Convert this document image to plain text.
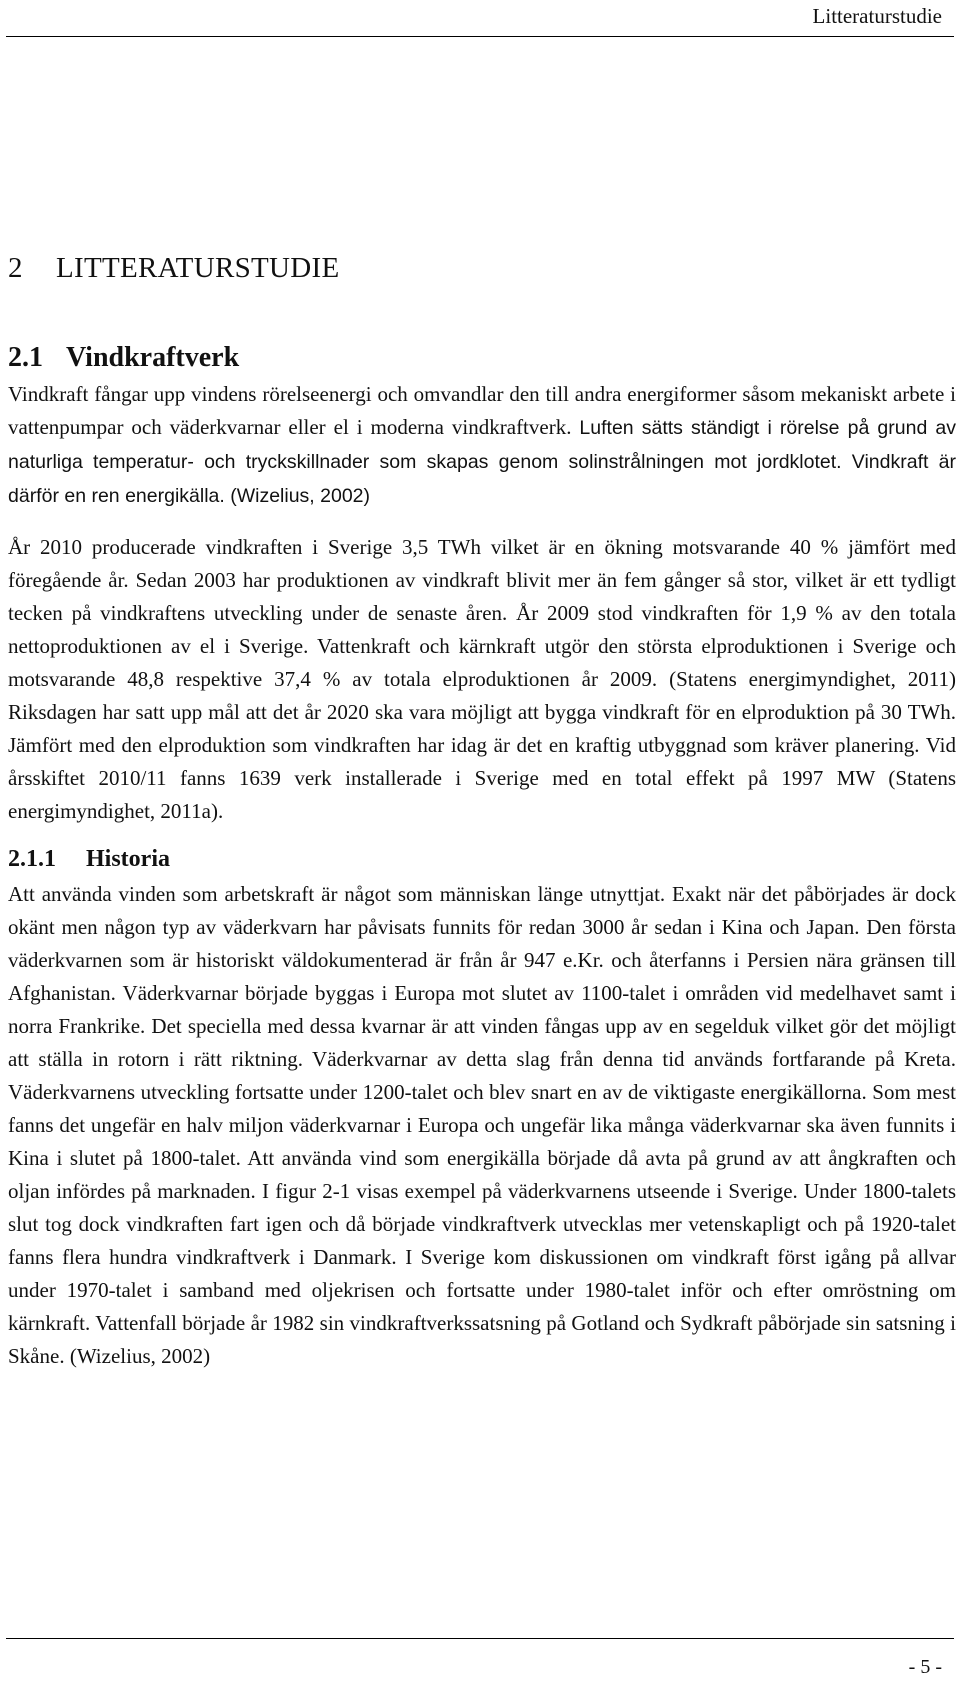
Litteraturstudie
2	LITTERATURSTUDIE
2.1 Vindkraftverk

Vindkraft fångar upp vindens rörelseenergi och omvandlar den till andra energiformer såsom mekaniskt arbete i vattenpumpar och väderkvarnar eller el i moderna vindkraftverk. Luften sätts ständigt i rörelse på grund av naturliga temperatur- och tryckskillnader som skapas genom solinstrålningen mot jordklotet. Vindkraft är därför en ren energikälla. (Wizelius, 2002)

År 2010 producerade vindkraften i Sverige 3,5 TWh vilket är en ökning motsvarande 40 % jämfört med föregående år. Sedan 2003 har produktionen av vindkraft blivit mer än fem gånger så stor, vilket är ett tydligt tecken på vindkraftens utveckling under de senaste åren. År 2009 stod vindkraften för 1,9 % av den totala nettoproduktionen av el i Sverige. Vattenkraft och kärnkraft utgör den största elproduktionen i Sverige och motsvarande 48,8 respektive 37,4 % av totala elproduktionen år 2009. (Statens energimyndighet, 2011) Riksdagen har satt upp mål att det år 2020 ska vara möjligt att bygga vindkraft för en elproduktion på 30 TWh. Jämfört med den elproduktion som vindkraften har idag är det en kraftig utbyggnad som kräver planering. Vid årsskiftet 2010/11 fanns 1639 verk installerade i Sverige med en total effekt på 1997 MW (Statens energimyndighet, 2011a).

2.1.1	Historia

Att använda vinden som arbetskraft är något som människan länge utnyttjat. Exakt när det påbörjades är dock okänt men någon typ av väderkvarn har påvisats funnits för redan 3000 år sedan i Kina och Japan. Den första väderkvarnen som är historiskt väldokumenterad är från år 947 e.Kr. och återfanns i Persien nära gränsen till Afghanistan. Väderkvarnar började byggas i Europa mot slutet av 1100-talet i områden vid medelhavet samt i norra Frankrike. Det speciella med dessa kvarnar är att vinden fångas upp av en segelduk vilket gör det möjligt att ställa in rotorn i rätt riktning. Väderkvarnar av detta slag från denna tid används fortfarande på Kreta. Väderkvarnens utveckling fortsatte under 1200-talet och blev snart en av de viktigaste energikällorna. Som mest fanns det ungefär en halv miljon väderkvarnar i Europa och ungefär lika många väderkvarnar ska även funnits i Kina i slutet på 1800-talet. Att använda vind som energikälla började då avta på grund av att ångkraften och oljan infördes på marknaden. I figur 2-1 visas exempel på väderkvarnens utseende i Sverige. Under 1800-talets slut tog dock vindkraften fart igen och då började vindkraftverk utvecklas mer vetenskapligt och på 1920-talet fanns flera hundra vindkraftverk i Danmark. I Sverige kom diskussionen om vindkraft först igång på allvar under 1970-talet i samband med oljekrisen och fortsatte under 1980-talet inför och efter omröstning om kärnkraft. Vattenfall började år 1982 sin vindkraftverkssatsning på Gotland och Sydkraft påbörjade sin satsning i Skåne. (Wizelius, 2002)

- 5 -
